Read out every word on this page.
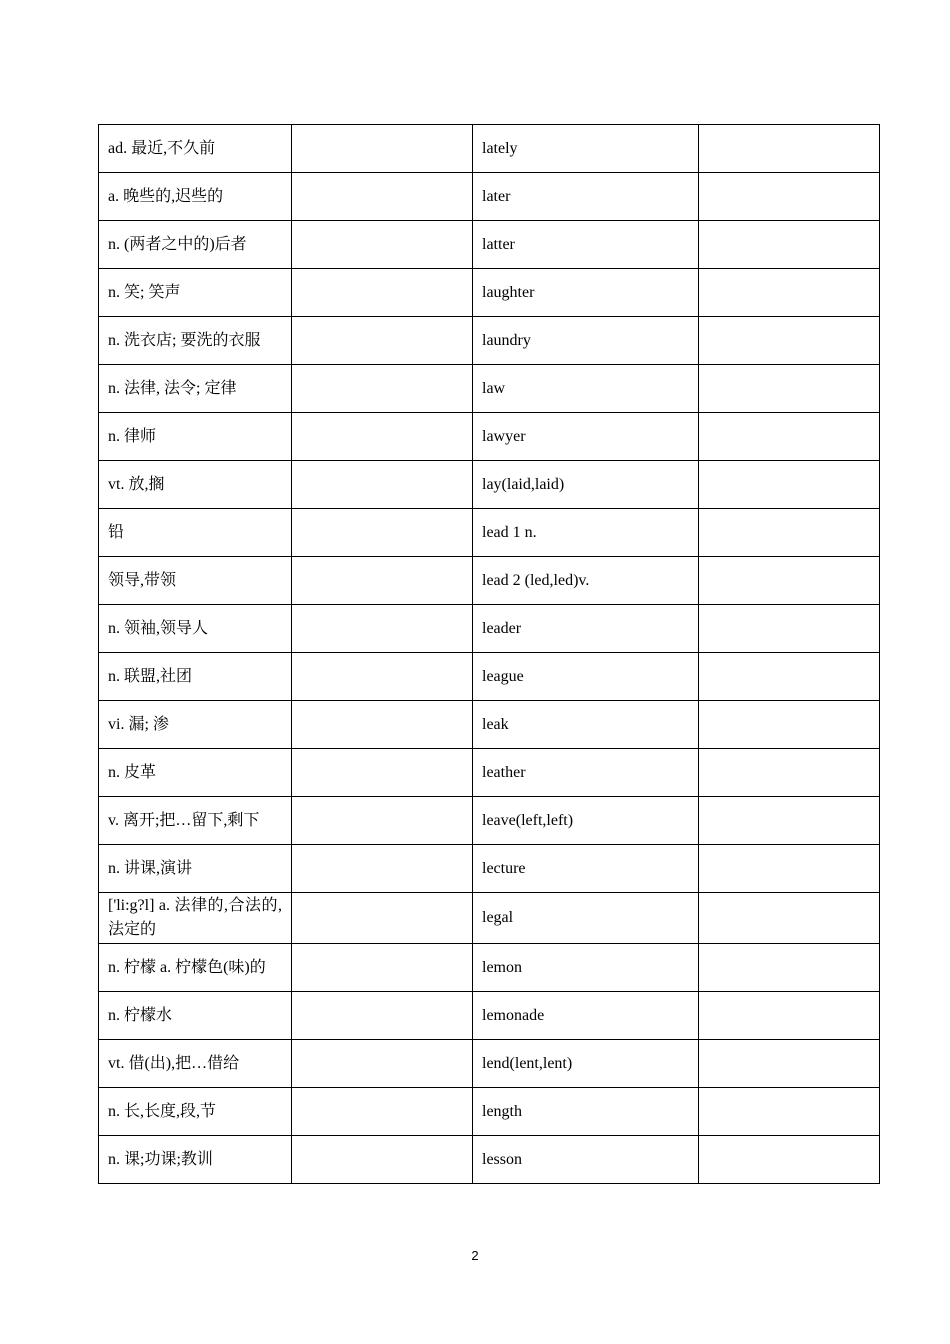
ad. 最近,不久前		lately	
a. 晚些的,迟些的		later	
n. (两者之中的)后者		latter	
n. 笑; 笑声		laughter	
n. 洗衣店; 要洗的衣服		laundry	
n. 法律, 法令; 定律		law	
n. 律师		lawyer	
vt. 放,搁		lay(laid,laid)	
铅		lead 1 n.	
领导,带领		lead 2 (led,led)v.	
n. 领袖,领导人		leader	
n. 联盟,社团		league	
vi. 漏; 渗		leak	
n. 皮革		leather	
v. 离开;把…留下,剩下		leave(left,left)	
n. 讲课,演讲		lecture	
['li:g?l] a. 法律的,合法的,法定的		legal	
n. 柠檬 a. 柠檬色(味)的		lemon	
n. 柠檬水		lemonade	
vt. 借(出),把…借给		lend(lent,lent)	
n. 长,长度,段,节		length	
n. 课;功课;教训		lesson	
2
